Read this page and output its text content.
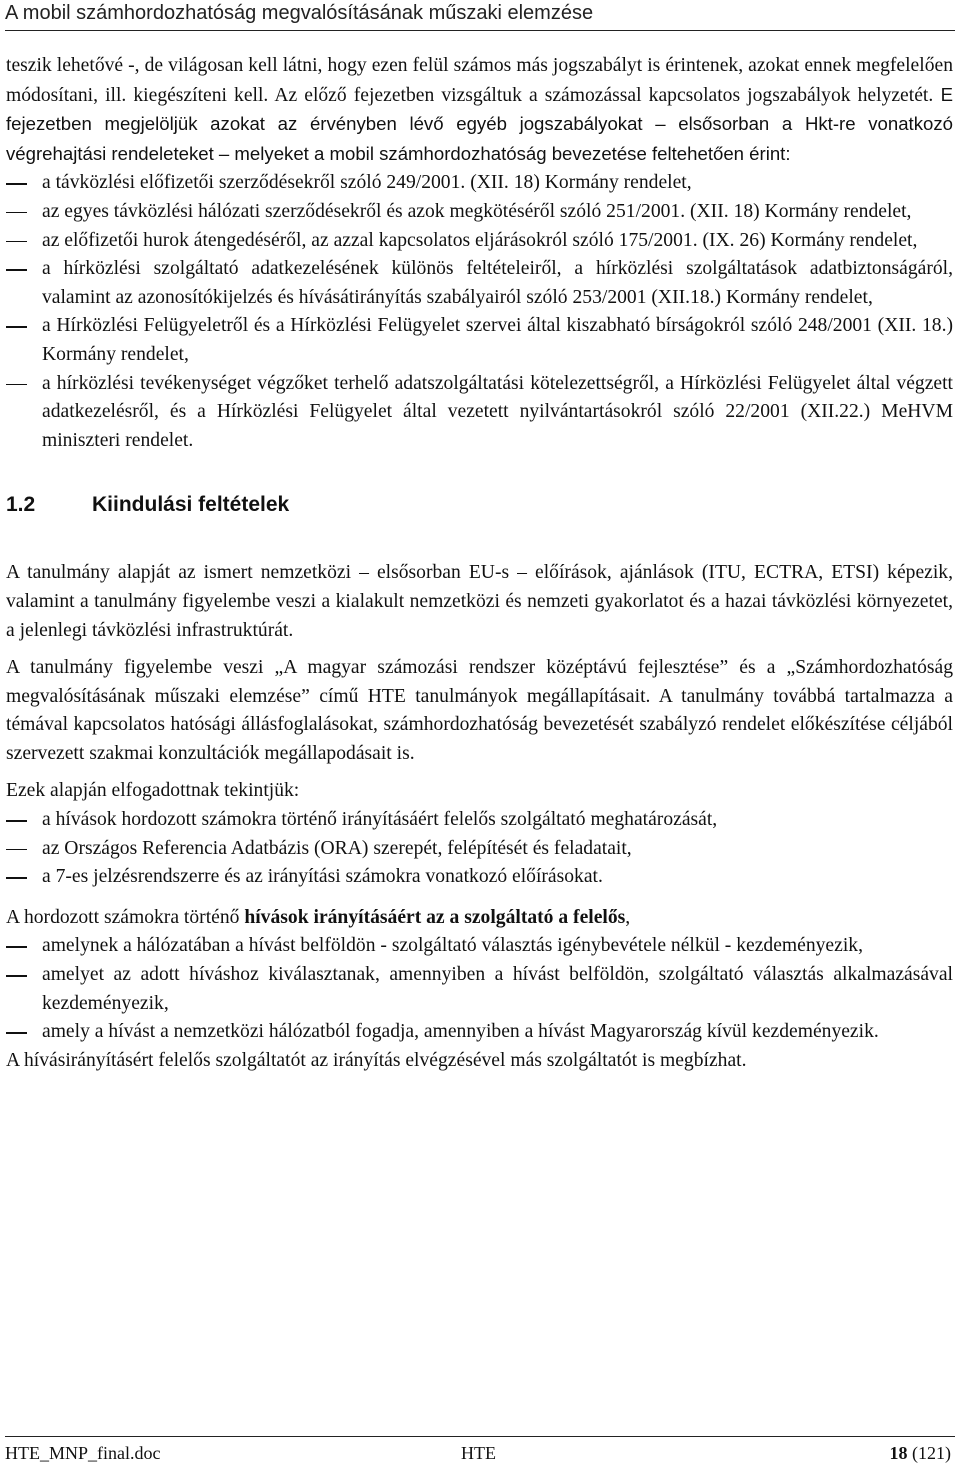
A mobil számhordozhatóság megvalósításának műszaki elemzése

teszik lehetővé -, de világosan kell látni, hogy ezen felül számos más jogszabályt is érintenek, azokat ennek megfelelően módosítani, ill. kiegészíteni kell. Az előző fejezetben vizsgáltuk a számozással kapcsolatos jogszabályok helyzetét. E fejezetben megjelöljük azokat az érvényben lévő egyéb jogszabályokat – elsősorban a Hkt-re vonatkozó végrehajtási rendeleteket – melyeket a mobil számhordozhatóság bevezetése feltehetően érint:

a távközlési előfizetői szerződésekről szóló 249/2001. (XII. 18) Kormány rendelet,
az egyes távközlési hálózati szerződésekről és azok megkötéséről szóló 251/2001. (XII. 18) Kormány rendelet,
az előfizetői hurok átengedéséről, az azzal kapcsolatos eljárásokról szóló 175/2001. (IX. 26) Kormány rendelet,
a hírközlési szolgáltató adatkezelésének különös feltételeiről, a hírközlési szolgáltatások adatbiztonságáról, valamint az azonosítókijelzés és hívásátirányítás szabályairól szóló 253/2001 (XII.18.) Kormány rendelet,
a Hírközlési Felügyeletről és a Hírközlési Felügyelet szervei által kiszabható bírságokról szóló 248/2001 (XII. 18.) Kormány rendelet,
a hírközlési tevékenységet végzőket terhelő adatszolgáltatási kötelezettségről, a Hírközlési Felügyelet által végzett adatkezelésről, és a Hírközlési Felügyelet által vezetett nyilvántartásokról szóló 22/2001 (XII.22.) MeHVM miniszteri rendelet.
1.2	Kiindulási feltételek

A tanulmány alapját az ismert nemzetközi – elsősorban EU-s – előírások, ajánlások (ITU, ECTRA, ETSI) képezik, valamint a tanulmány figyelembe veszi a kialakult nemzetközi és nemzeti gyakorlatot és a hazai távközlési környezetet, a jelenlegi távközlési infrastruktúrát.

A tanulmány figyelembe veszi „A magyar számozási rendszer középtávú fejlesztése” és a „Számhordozhatóság megvalósításának műszaki elemzése” című HTE tanulmányok megállapításait. A tanulmány továbbá tartalmazza a témával kapcsolatos hatósági állásfoglalásokat, számhordozhatóság bevezetését szabályzó rendelet előkészítése céljából szervezett szakmai konzultációk megállapodásait is.

Ezek alapján elfogadottnak tekintjük:

a hívások hordozott számokra történő irányításáért felelős szolgáltató meghatározását,
az Országos Referencia Adatbázis (ORA) szerepét, felépítését és feladatait,
a 7-es jelzésrendszerre és az irányítási számokra vonatkozó előírásokat.

A hordozott számokra történő hívások irányításáért az a szolgáltató a felelős,

amelynek a hálózatában a hívást belföldön - szolgáltató választás igénybevétele nélkül - kezdeményezik,
amelyet az adott híváshoz kiválasztanak, amennyiben a hívást belföldön, szolgáltató választás alkalmazásával kezdeményezik,
amely a hívást a nemzetközi hálózatból fogadja, amennyiben a hívást Magyarország kívül kezdeményezik.

A hívásirányításért felelős szolgáltatót az irányítás elvégzésével más szolgáltatót is megbízhat.

HTE_MNP_final.doc	HTE	18 (121)
